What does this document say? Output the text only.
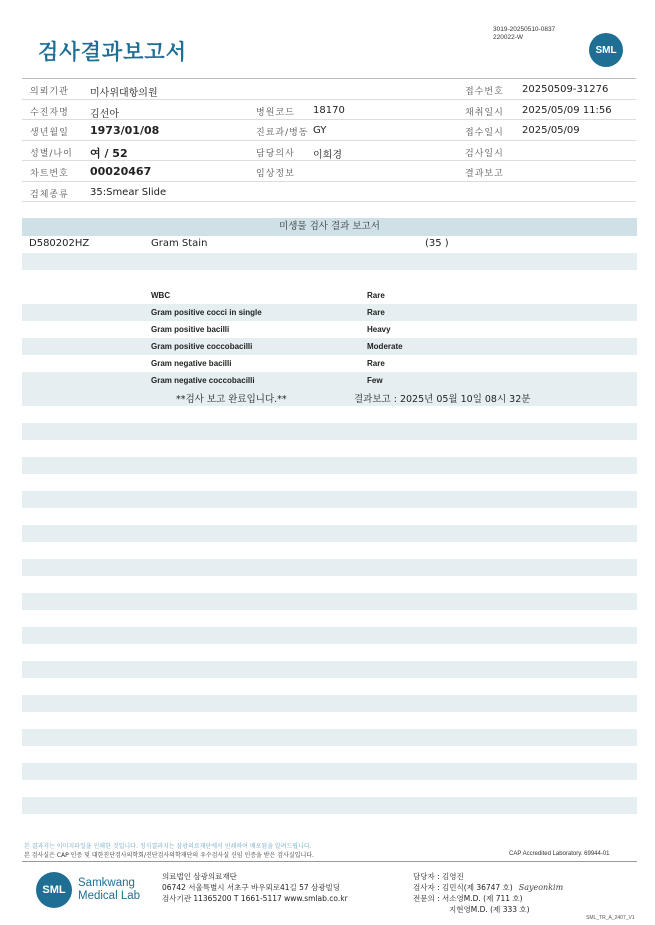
3019-20250510-0837
220022-W
검사결과보고서	SML
의뢰기관 미사위대항의원	접수번호 20250509-31276
수진자명 김선아	병원코드 18170	채취일시 2025/05/09 11:56
생년월일 1973/01/08	진료과/병동 GY	접수일시 2025/05/09
성별/나이 여 / 52	담당의사 이희경	검사일시
차트번호 00020467	임상정보	결과보고
검체종류 35:Smear Slide
미생물 검사 결과 보고서
D580202HZ	Gram Stain	(35 )
WBC	Rare
Gram positive cocci in single	Rare
Gram positive bacilli	Heavy
Gram positive coccobacilli	Moderate
Gram negative bacilli	Rare
Gram negative coccobacilli	Few
**검사 보고 완료입니다.**	결과보고 : 2025년 05월 10일 08시 32분
본 결과지는 이미지파일을 인쇄한 것입니다. 정식결과지는 삼광의료재단에서 인쇄하여 배포됨을 알려드립니다.
본 검사실은 CAP 인증 및 대한진단검사의학회/진단검사의학재단의 우수검사실 신임 인증을 받은 검사실입니다.	CAP Accredited Laboratory. 69944-01
SML
Samkwang
Medical Lab
의료법인 삼광의료재단
06742 서울특별시 서초구 바우뫼로41길 57 삼광빌딩
검사기관 11365200 T 1661-5117 www.smlab.co.kr
담당자 : 김영진
검사자 : 김민식(제 36747 호) Sayeonkim
전문의 : 서소영M.D. (제 711 호)
지현영M.D. (제 333 호)
SML_TR_A_2407_V1
